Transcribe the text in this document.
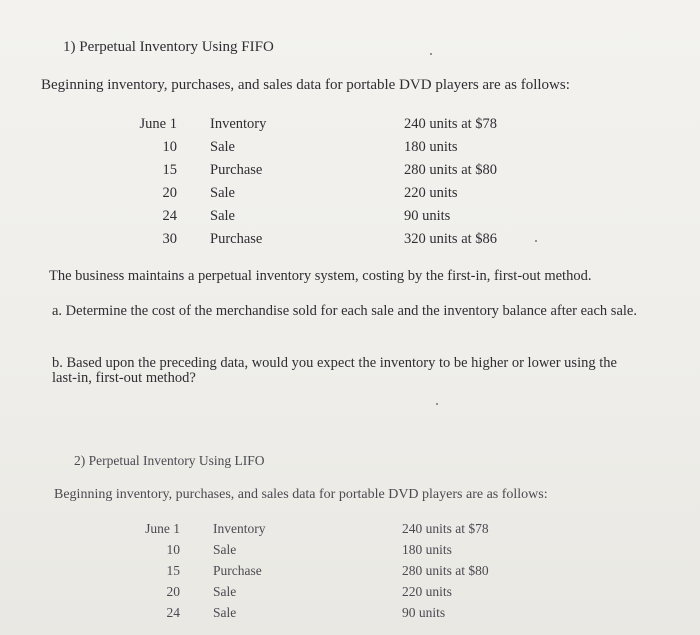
1) Perpetual Inventory Using FIFO
Beginning inventory, purchases, and sales data for portable DVD players are as follows:
June 1 Inventory	240 units at $78
10 Sale	180 units
15 Purchase	280 units at $80
20 Sale	220 units
24 Sale	90 units
30 Purchase	320 units at $86
The business maintains a perpetual inventory system, costing by the first-in, first-out method.
a. Determine the cost of the merchandise sold for each sale and the inventory balance after each sale.
b. Based upon the preceding data, would you expect the inventory to be higher or lower using the last-in, first-out method?
2) Perpetual Inventory Using LIFO
Beginning inventory, purchases, and sales data for portable DVD players are as follows:
June 1 Inventory	240 units at $78
10 Sale	180 units
15 Purchase	280 units at $80
20 Sale	220 units
24 Sale	90 units
